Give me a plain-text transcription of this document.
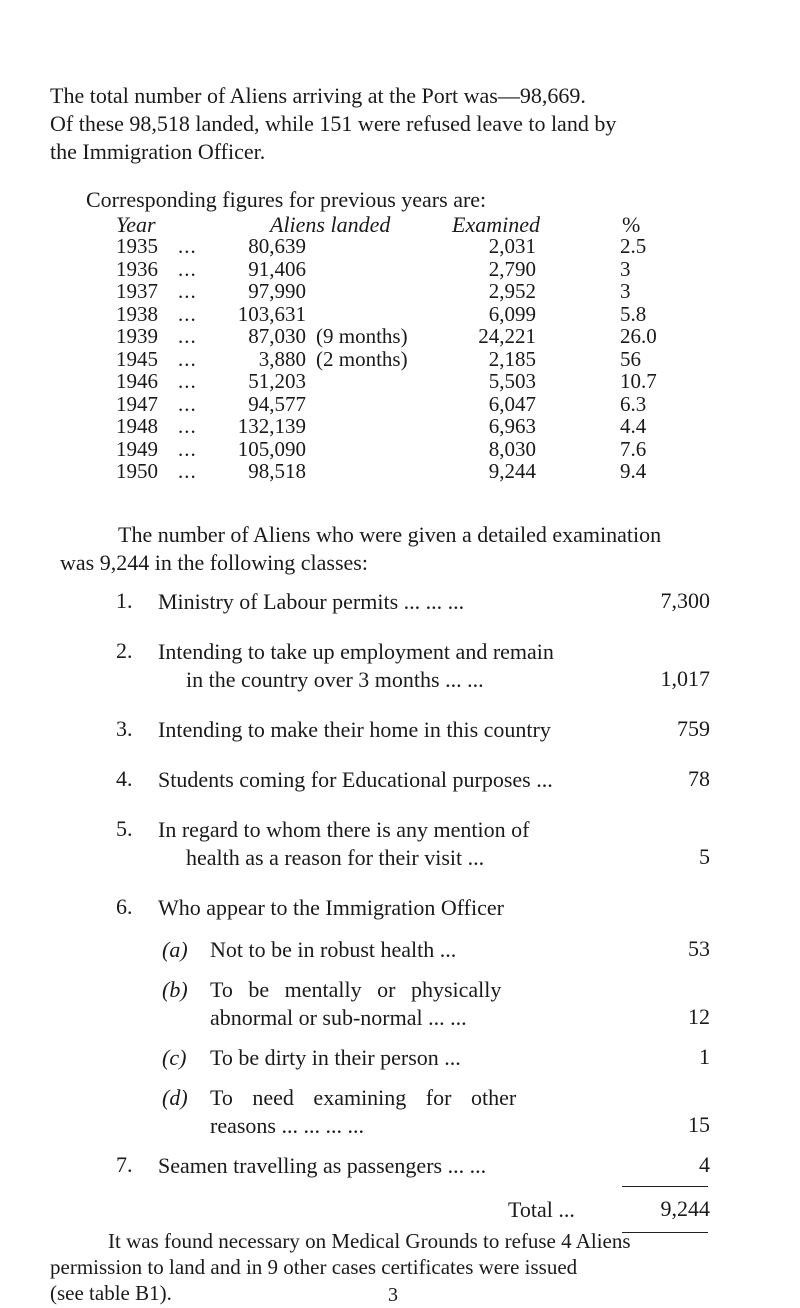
The total number of Aliens arriving at the Port was—98,669.
Of these 98,518 landed, while 151 were refused leave to land by
the Immigration Officer.
Corresponding figures for previous years are:
Year	Aliens landed	Examined	%
1935 ...	80,639	2,031	2.5
1936 ...	91,406	2,790	3
1937 ...	97,990	2,952	3
1938 ...	103,631	6,099	5.8
1939 ...	87,030 (9 months)	24,221	26.0
1945 ...	3,880 (2 months)	2,185	56
1946 ...	51,203	5,503	10.7
1947 ...	94,577	6,047	6.3
1948 ...	132,139	6,963	4.4
1949 ...	105,090	8,030	7.6
1950 ...	98,518	9,244	9.4
The number of Aliens who were given a detailed examination
was 9,244 in the following classes:
1. Ministry of Labour permits ... ... ...	7,300
2. Intending to take up employment and remain
in the country over 3 months ... ...	1,017
3. Intending to make their home in this country	759
4. Students coming for Educational purposes ...	78
5. In regard to whom there is any mention of
health as a reason for their visit ...	5
6. Who appear to the Immigration Officer
(a) Not to be in robust health ...	53
(b) To be mentally or physically
abnormal or sub-normal ... ...	12
(c) To be dirty in their person ...	1
(d) To need examining for other
reasons ... ... ... ...	15
7. Seamen travelling as passengers ... ...	4
Total ...	9,244
It was found necessary on Medical Grounds to refuse 4 Aliens
permission to land and in 9 other cases certificates were issued
(see table B1).	3
